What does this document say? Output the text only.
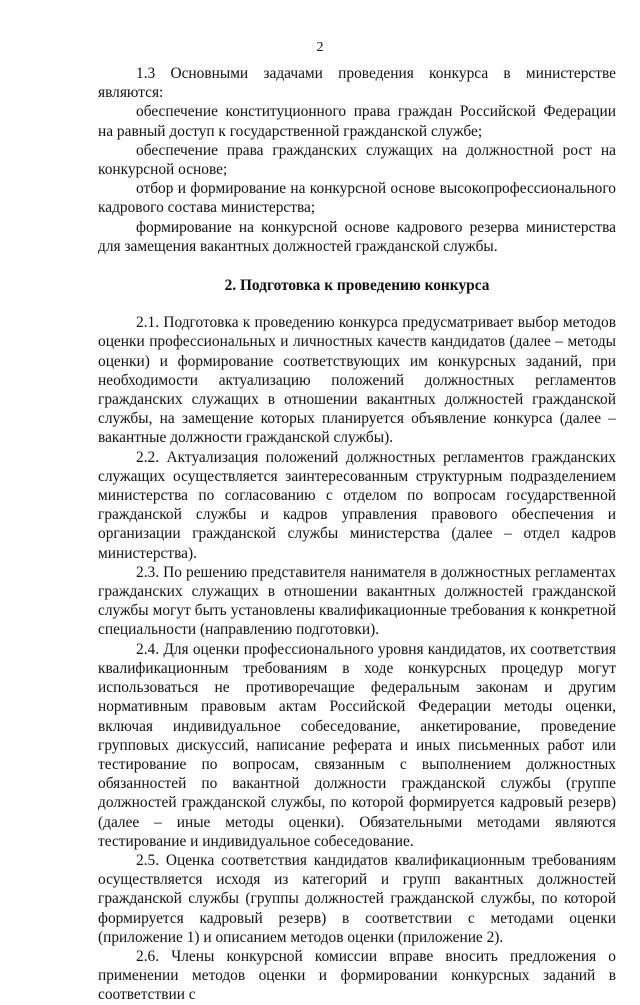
2

1.3 Основными задачами проведения конкурса в министерстве являются:

обеспечение конституционного права граждан Российской Федерации на равный доступ к государственной гражданской службе;

обеспечение права гражданских служащих на должностной рост на конкурсной основе;

отбор и формирование на конкурсной основе высокопрофессионального кадрового состава министерства;

формирование на конкурсной основе кадрового резерва министерства для замещения вакантных должностей гражданской службы.

2. Подготовка к проведению конкурса

2.1. Подготовка к проведению конкурса предусматривает выбор методов оценки профессиональных и личностных качеств кандидатов (далее – методы оценки) и формирование соответствующих им конкурсных заданий, при необходимости актуализацию положений должностных регламентов гражданских служащих в отношении вакантных должностей гражданской службы, на замещение которых планируется объявление конкурса (далее – вакантные должности гражданской службы).

2.2. Актуализация положений должностных регламентов гражданских служащих осуществляется заинтересованным структурным подразделением министерства по согласованию с отделом по вопросам государственной гражданской службы и кадров управления правового обеспечения и организации гражданской службы министерства (далее – отдел кадров министерства).

2.3. По решению представителя нанимателя в должностных регламентах гражданских служащих в отношении вакантных должностей гражданской службы могут быть установлены квалификационные требования к конкретной специальности (направлению подготовки).

2.4. Для оценки профессионального уровня кандидатов, их соответствия квалификационным требованиям в ходе конкурсных процедур могут использоваться не противоречащие федеральным законам и другим нормативным правовым актам Российской Федерации методы оценки, включая индивидуальное собеседование, анкетирование, проведение групповых дискуссий, написание реферата и иных письменных работ или тестирование по вопросам, связанным с выполнением должностных обязанностей по вакантной должности гражданской службы (группе должностей гражданской службы, по которой формируется кадровый резерв) (далее – иные методы оценки). Обязательными методами являются тестирование и индивидуальное собеседование.

2.5. Оценка соответствия кандидатов квалификационным требованиям осуществляется исходя из категорий и групп вакантных должностей гражданской службы (группы должностей гражданской службы, по которой формируется кадровый резерв) в соответствии с методами оценки (приложение 1) и описанием методов оценки (приложение 2).

2.6. Члены конкурсной комиссии вправе вносить предложения о применении методов оценки и формировании конкурсных заданий в соответствии с
